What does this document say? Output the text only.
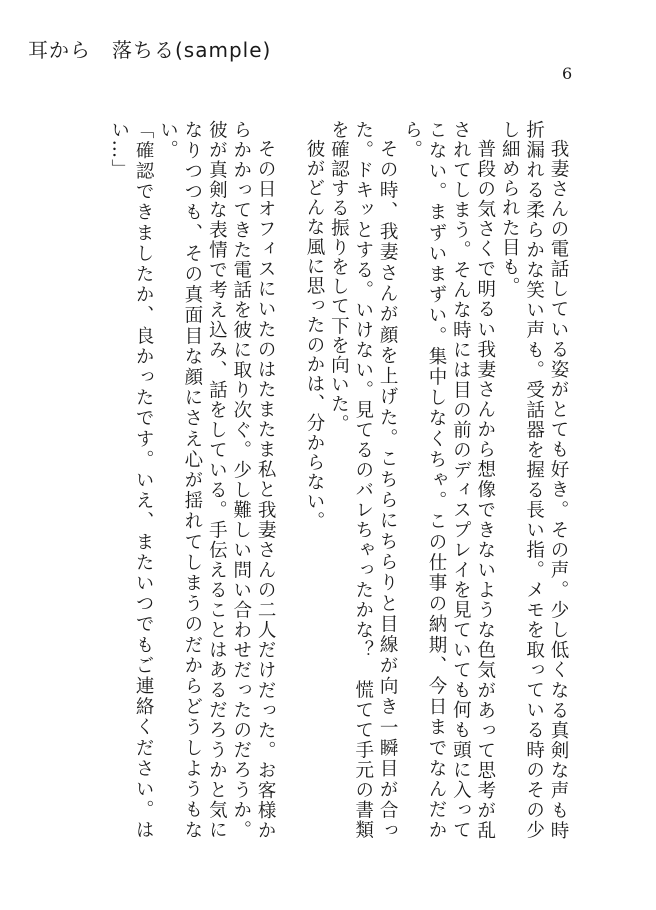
耳から　落ちる(sample)
6

我妻さんの電話している姿がとても好き。その声。少し低くなる真剣な声も時折漏れる柔らかな笑い声も。受話器を握る長い指。メモを取っている時のその少し細められた目も。

普段の気さくで明るい我妻さんから想像できないような色気があって思考が乱されてしまう。そんな時には目の前のディスプレイを見ていても何も頭に入ってこない。まずいまずい。集中しなくちゃ。この仕事の納期、今日までなんだから。

その時、我妻さんが顔を上げた。こちらにちらりと目線が向き一瞬目が合った。ドキッとする。いけない。見てるのバレちゃったかな？　慌てて手元の書類を確認する振りをして下を向いた。

彼がどんな風に思ったのかは、分からない。

その日オフィスにいたのはたまたま私と我妻さんの二人だけだった。お客様からかかってきた電話を彼に取り次ぐ。少し難しい問い合わせだったのだろうか。彼が真剣な表情で考え込み、話をしている。手伝えることはあるだろうかと気になりつつも、その真面目な顔にさえ心が揺れてしまうのだからどうしようもない。

「確認できましたか、良かったです。いえ、またいつでもご連絡ください。はい…」
